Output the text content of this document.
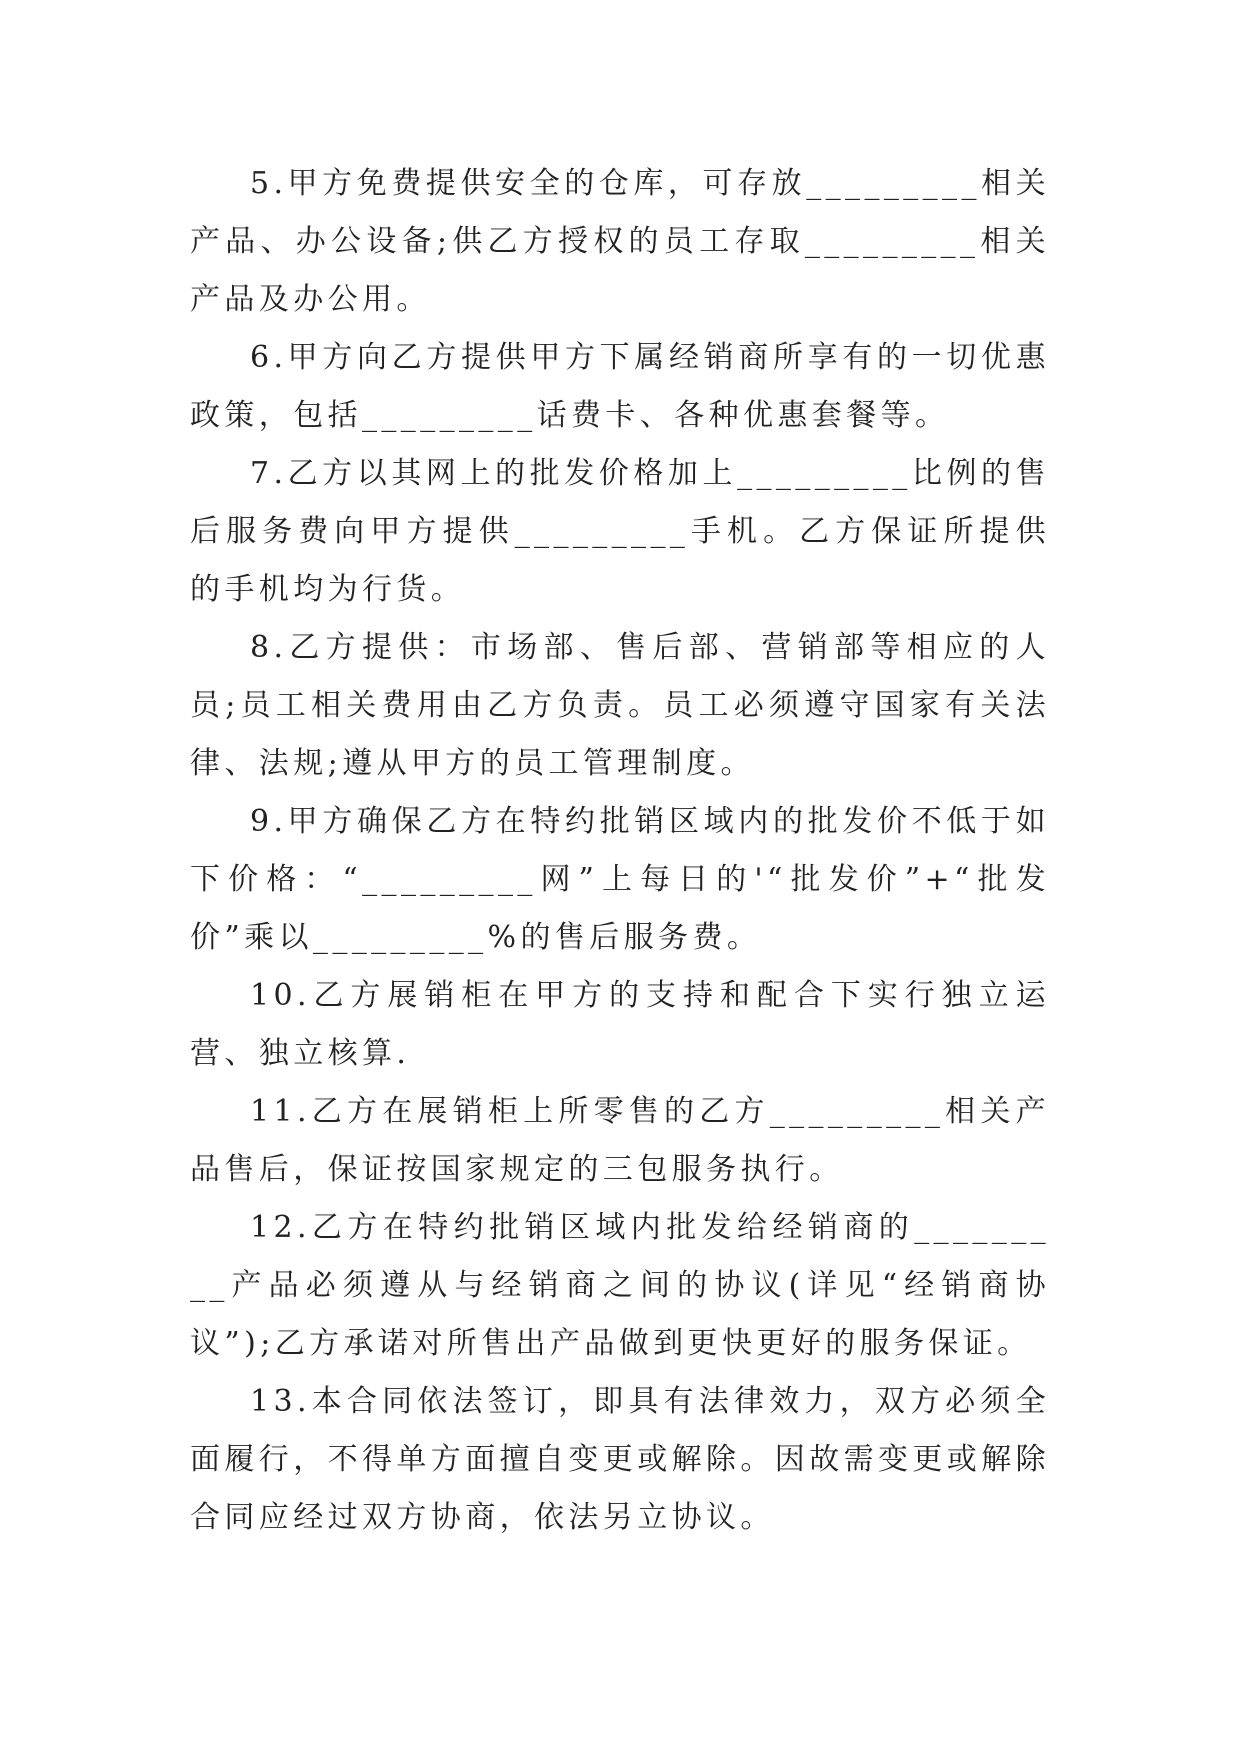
5.甲方免费提供安全的仓库，可存放_________相关产品、办公设备;供乙方授权的员工存取_________相关产品及办公用。

6.甲方向乙方提供甲方下属经销商所享有的一切优惠政策，包括_________话费卡、各种优惠套餐等。

7.乙方以其网上的批发价格加上_________比例的售后服务费向甲方提供_________手机。乙方保证所提供的手机均为行货。

8.乙方提供：市场部、售后部、营销部等相应的人员;员工相关费用由乙方负责。员工必须遵守国家有关法律、法规;遵从甲方的员工管理制度。

9.甲方确保乙方在特约批销区域内的批发价不低于如下价格：“_________网”上每日的'“批发价”+“批发价”乘以_________%的售后服务费。

10.乙方展销柜在甲方的支持和配合下实行独立运营、独立核算.

11.乙方在展销柜上所零售的乙方_________相关产品售后，保证按国家规定的三包服务执行。

12.乙方在特约批销区域内批发给经销商的_________产品必须遵从与经销商之间的协议(详见“经销商协议”);乙方承诺对所售出产品做到更快更好的服务保证。

13.本合同依法签订，即具有法律效力，双方必须全面履行，不得单方面擅自变更或解除。因故需变更或解除合同应经过双方协商，依法另立协议。
